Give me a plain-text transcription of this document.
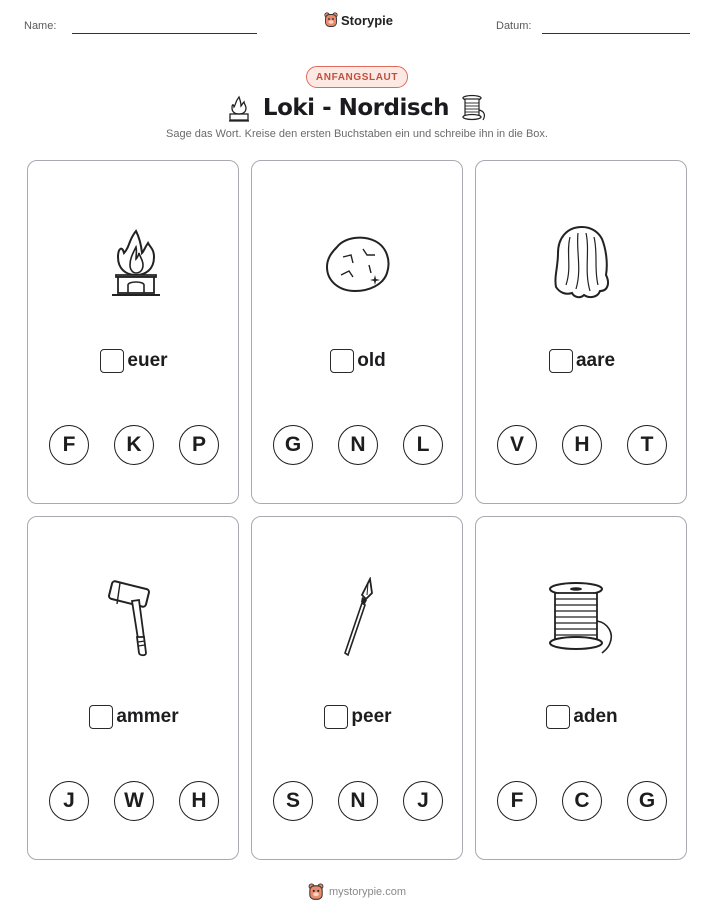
Name:	Storypie	Datum:
ANFANGSLAUT
Loki - Nordisch
Sage das Wort. Kreise den ersten Buchstaben ein und schreibe ihn in die Box.
euer
F	K	P
old
G	N	L
aare
V	H	T
ammer
J	W	H
peer
S	N	J
aden
F	C	G
mystorypie.com
